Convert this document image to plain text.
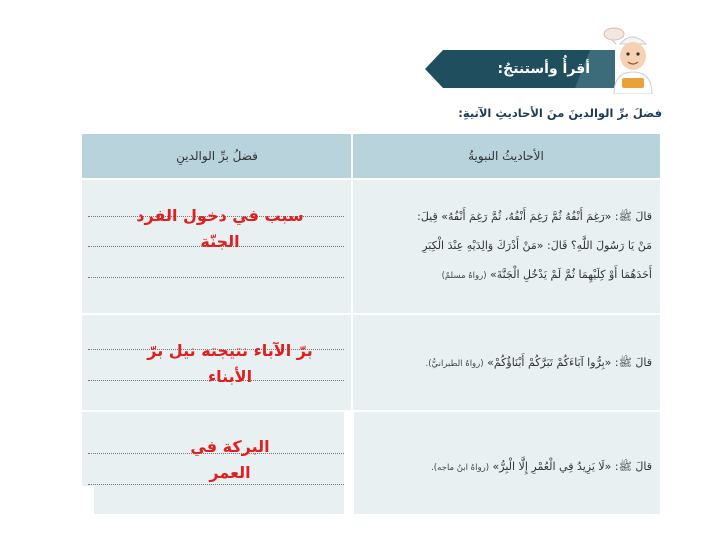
أقرأُ وأستنتجُ:
فضلَ برِّ الوالدينَ منَ الأحاديثِ الآتيةِ:
الأحاديثُ النبويةُ
فضلُ برِّ الوالدينِ
قالَ ﷺ: «رَغِمَ أَنْفُهُ ثُمَّ رَغِمَ أَنْفُهُ، ثُمَّ رَغِمَ أَنْفُهُ» قِيلَ:
مَنْ يَا رَسُولَ اللَّهِ؟ قَالَ: «مَنْ أَدْرَكَ وَالِدَيْهِ عِنْدَ الْكِبَرِ
أَحَدَهُمَا أَوْ كِلَيْهِمَا ثُمَّ لَمْ يَدْخُلِ الْجَنَّةَ» (رواهُ مسلمٌ)
قالَ ﷺ: «بِرُّوا آبَاءَكُمْ تَبَرَّكُمْ أَبْنَاؤُكُمْ» (رواهُ الطبرانيُّ).
قالَ ﷺ: «لَا يَزِيدُ فِي الْعُمْرِ إِلَّا الْبِرُّ» (رواهُ ابنُ ماجه).
سبب في دخول الفرد الجنّة
برّ الآباء نتيجته نيل برّ الأبناء
البركة في العمر
